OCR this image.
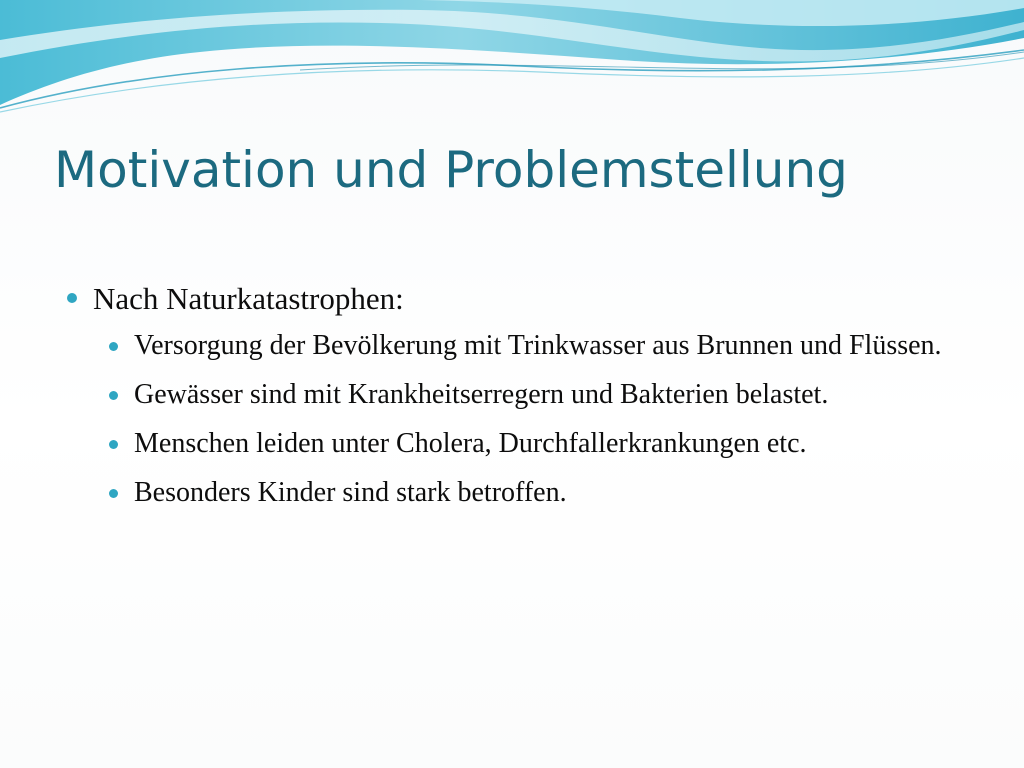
Motivation und Problemstellung
Nach Naturkatastrophen:
Versorgung der Bevölkerung mit Trinkwasser aus Brunnen und Flüssen.
Gewässer sind mit Krankheitserregern und Bakterien belastet.
Menschen leiden unter Cholera, Durchfallerkrankungen etc.
Besonders Kinder sind stark betroffen.
